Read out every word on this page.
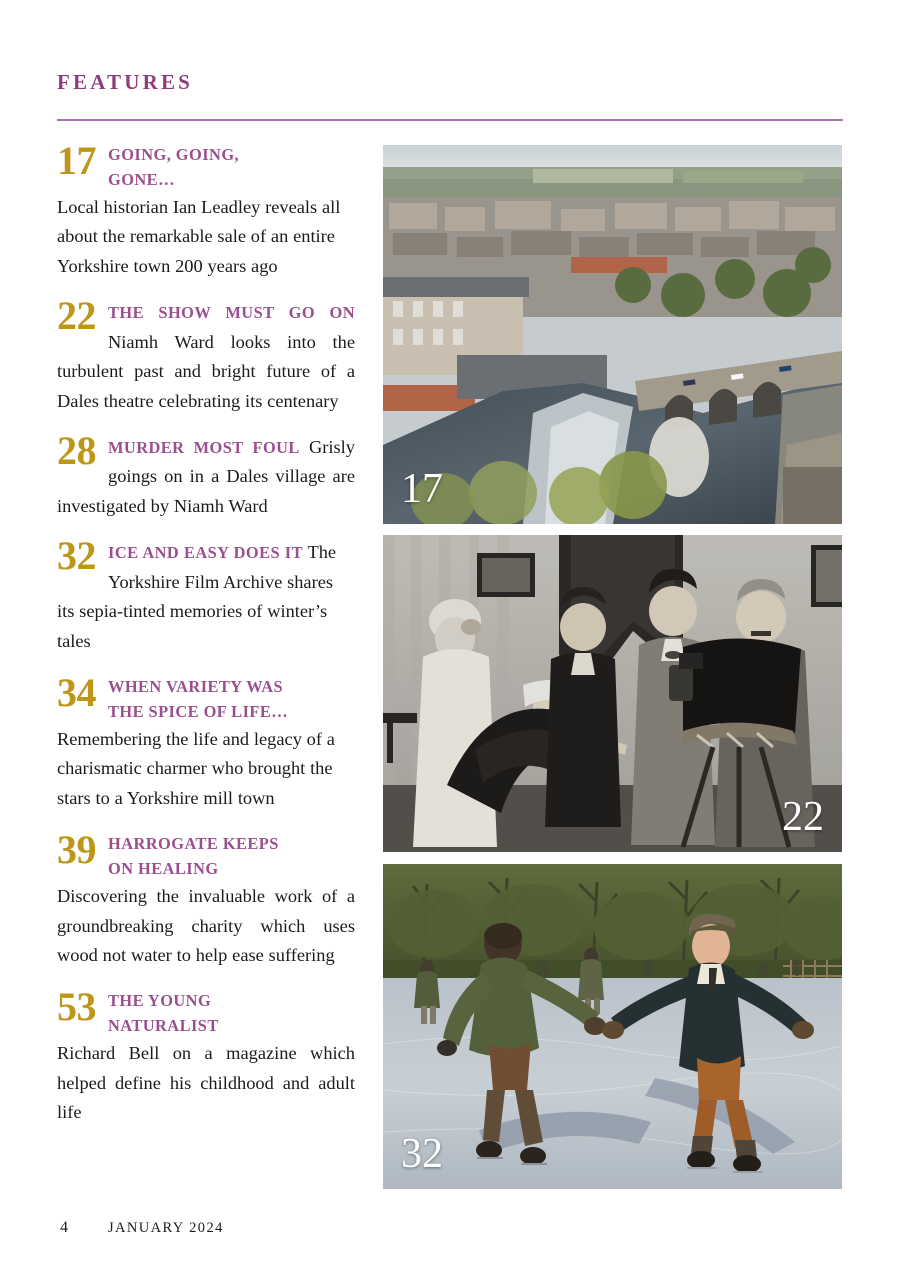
FEATURES
17 GOING, GOING,
GONE…

Local historian Ian Leadley reveals all about the remarkable sale of an entire Yorkshire town 200 years ago

22 THE SHOW MUST GO ON Niamh Ward looks into the turbulent past and bright future of a Dales theatre celebrating its centenary

28 MURDER MOST FOUL Grisly goings on in a Dales village are investigated by Niamh Ward

32 ICE AND EASY DOES IT The Yorkshire Film Archive shares its sepia-tinted memories of winter’s tales

34 WHEN VARIETY WAS
THE SPICE OF LIFE…

Remembering the life and legacy of a charismatic charmer who brought the stars to a Yorkshire mill town

39 HARROGATE KEEPS
ON HEALING

Discovering the invaluable work of a groundbreaking charity which uses wood not water to help ease suffering

53 THE YOUNG
NATURALIST

Richard Bell on a magazine which helped define his childhood and adult life

17
22
32
4	JANUARY 2024
